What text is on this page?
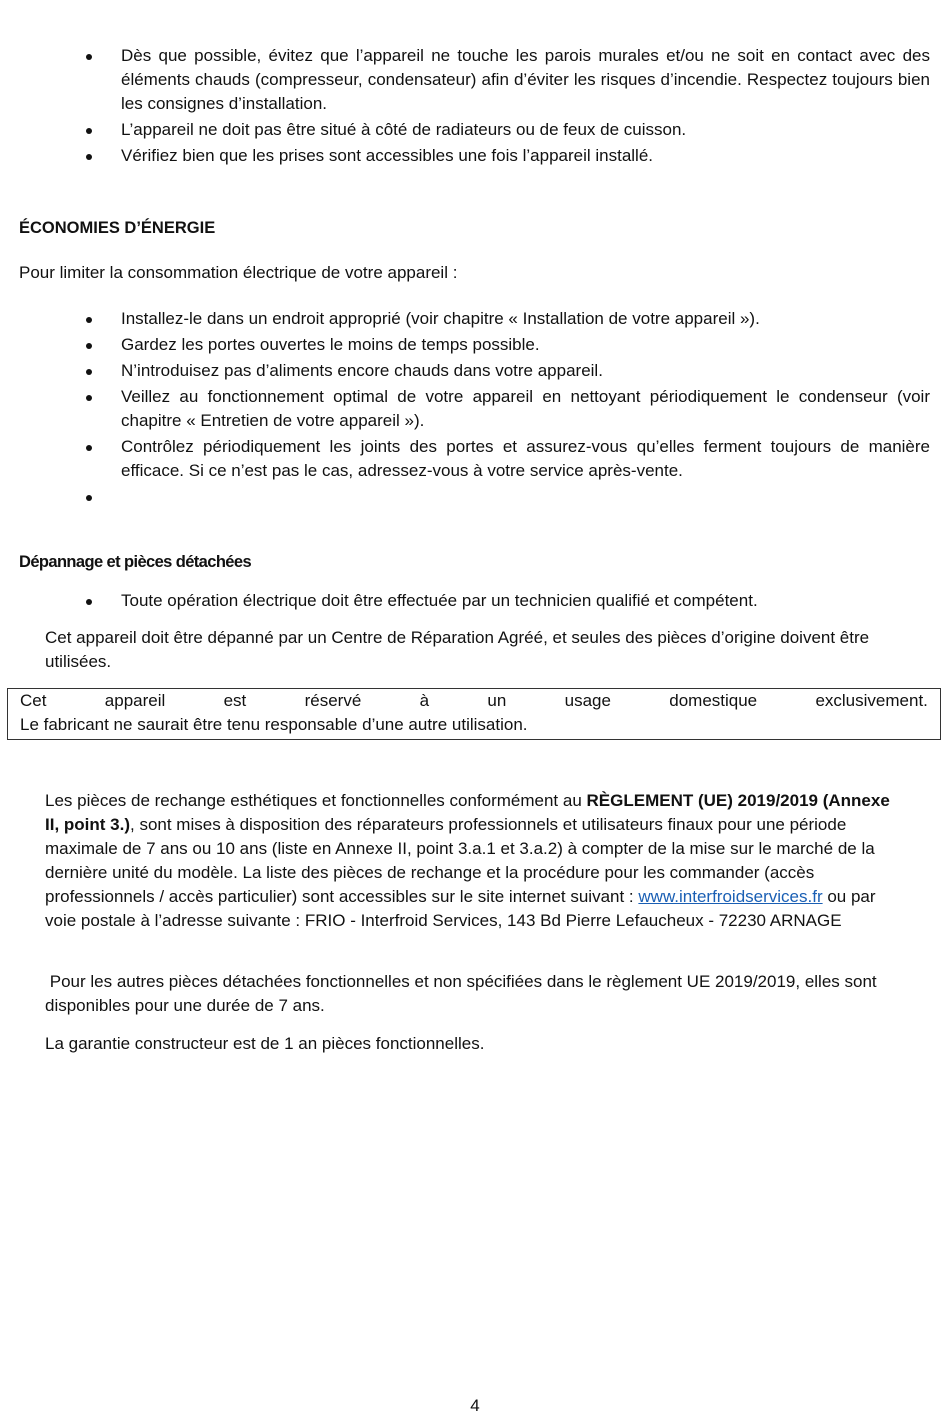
Dès que possible, évitez que l’appareil ne touche les parois murales et/ou ne soit en contact avec des éléments chauds (compresseur, condensateur) afin d’éviter les risques d’incendie. Respectez toujours bien les consignes d’installation.
L’appareil ne doit pas être situé à côté de radiateurs ou de feux de cuisson.
Vérifiez bien que les prises sont accessibles une fois l’appareil installé.
ÉCONOMIES D’ÉNERGIE
Pour limiter la consommation électrique de votre appareil :
Installez-le dans un endroit approprié (voir chapitre « Installation de votre appareil »).
Gardez les portes ouvertes le moins de temps possible.
N’introduisez pas d’aliments encore chauds dans votre appareil.
Veillez au fonctionnement optimal de votre appareil en nettoyant périodiquement le condenseur (voir chapitre « Entretien de votre appareil »).
Contrôlez périodiquement les joints des portes et assurez-vous qu’elles ferment toujours de manière efficace. Si ce n’est pas le cas, adressez-vous à votre service après-vente.
Dépannage et pièces détachées
Toute opération électrique doit être effectuée par un technicien qualifié et compétent.
Cet appareil doit être dépanné par un Centre de Réparation Agréé, et seules des pièces d’origine doivent être utilisées.
Cet	appareil	est	réservé	à	un	usage	domestique	exclusivement.
Le fabricant ne saurait être tenu responsable d’une autre utilisation.
Les pièces de rechange esthétiques et fonctionnelles conformément au RÈGLEMENT (UE) 2019/2019 (Annexe II, point 3.), sont mises à disposition des réparateurs professionnels et utilisateurs finaux pour une période maximale de 7 ans ou 10 ans (liste en Annexe II, point 3.a.1 et 3.a.2) à compter de la mise sur le marché de la dernière unité du modèle. La liste des pièces de rechange et la procédure pour les commander (accès professionnels / accès particulier) sont accessibles sur le site internet suivant : www.interfroidservices.fr ou par voie postale à l’adresse suivante : FRIO - Interfroid Services, 143 Bd Pierre Lefaucheux - 72230 ARNAGE
Pour les autres pièces détachées fonctionnelles et non spécifiées dans le règlement UE 2019/2019, elles sont disponibles pour une durée de 7 ans.
La garantie constructeur est de 1 an pièces fonctionnelles.
4
